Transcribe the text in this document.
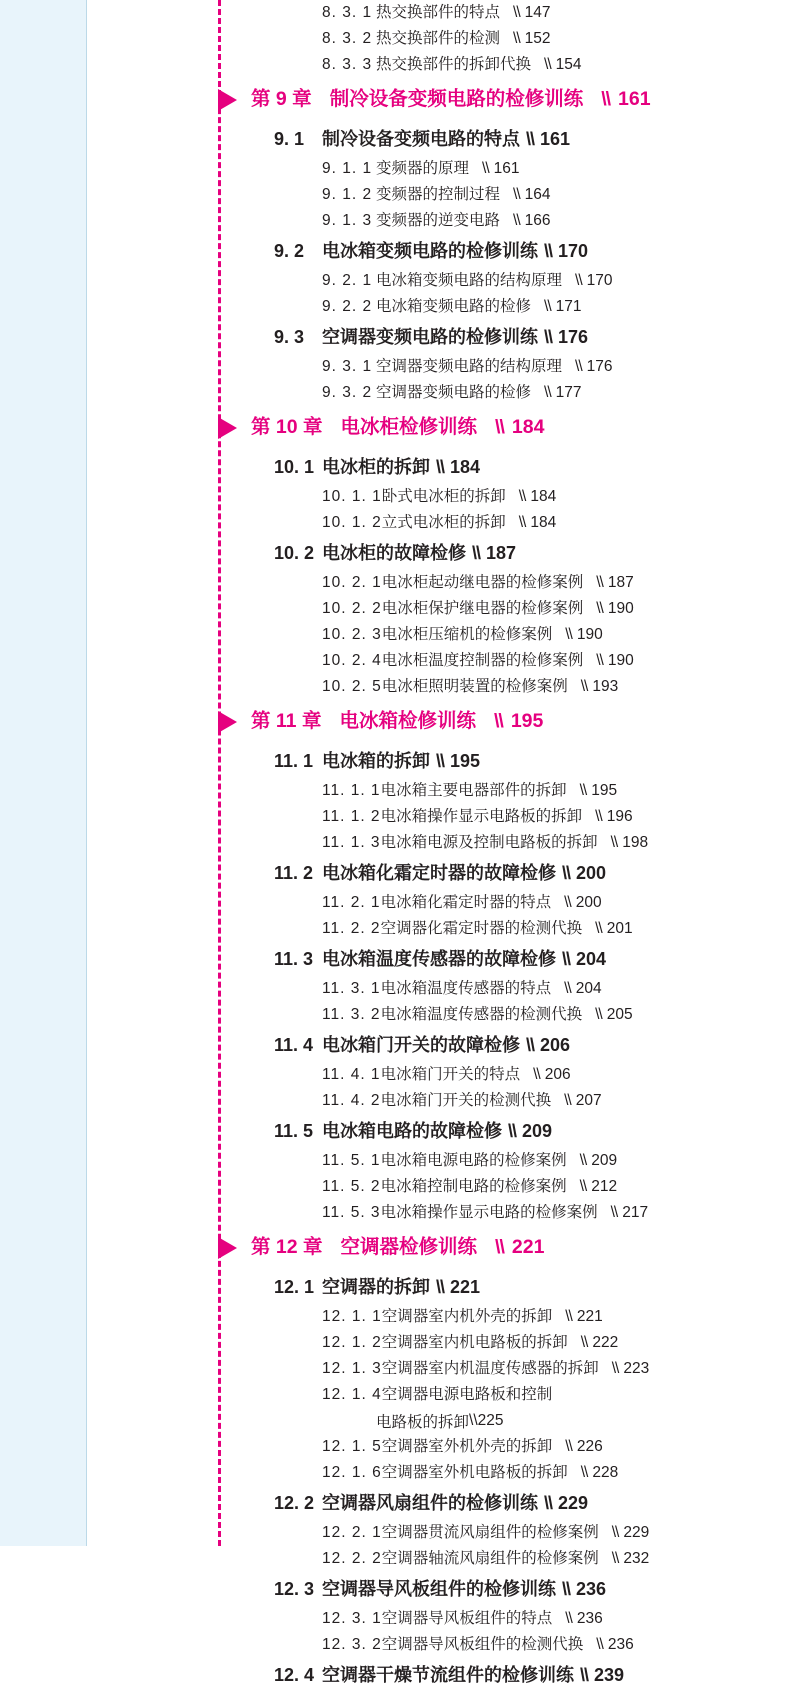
8. 3. 1 热交换部件的特点 \\ 147
8. 3. 2 热交换部件的检测 \\ 152
8. 3. 3 热交换部件的拆卸代换 \\ 154
第 9 章 制冷设备变频电路的检修训练 \\ 161
9. 1 制冷设备变频电路的特点 \\ 161
9. 1. 1 变频器的原理 \\ 161
9. 1. 2 变频器的控制过程 \\ 164
9. 1. 3 变频器的逆变电路 \\ 166
9. 2 电冰箱变频电路的检修训练 \\ 170
9. 2. 1 电冰箱变频电路的结构原理 \\ 170
9. 2. 2 电冰箱变频电路的检修 \\ 171
9. 3 空调器变频电路的检修训练 \\ 176
9. 3. 1 空调器变频电路的结构原理 \\ 176
9. 3. 2 空调器变频电路的检修 \\ 177
第 10 章 电冰柜检修训练 \\ 184
10. 1 电冰柜的拆卸 \\ 184
10. 1. 1 卧式电冰柜的拆卸 \\ 184
10. 1. 2 立式电冰柜的拆卸 \\ 184
10. 2 电冰柜的故障检修 \\ 187
10. 2. 1 电冰柜起动继电器的检修案例 \\ 187
10. 2. 2 电冰柜保护继电器的检修案例 \\ 190
10. 2. 3 电冰柜压缩机的检修案例 \\ 190
10. 2. 4 电冰柜温度控制器的检修案例 \\ 190
10. 2. 5 电冰柜照明装置的检修案例 \\ 193
第 11 章 电冰箱检修训练 \\ 195
11. 1 电冰箱的拆卸 \\ 195
11. 1. 1 电冰箱主要电器部件的拆卸 \\ 195
11. 1. 2 电冰箱操作显示电路板的拆卸 \\ 196
11. 1. 3 电冰箱电源及控制电路板的拆卸 \\ 198
11. 2 电冰箱化霜定时器的故障检修 \\ 200
11. 2. 1 电冰箱化霜定时器的特点 \\ 200
11. 2. 2 空调器化霜定时器的检测代换 \\ 201
11. 3 电冰箱温度传感器的故障检修 \\ 204
11. 3. 1 电冰箱温度传感器的特点 \\ 204
11. 3. 2 电冰箱温度传感器的检测代换 \\ 205
11. 4 电冰箱门开关的故障检修 \\ 206
11. 4. 1 电冰箱门开关的特点 \\ 206
11. 4. 2 电冰箱门开关的检测代换 \\ 207
11. 5 电冰箱电路的故障检修 \\ 209
11. 5. 1 电冰箱电源电路的检修案例 \\ 209
11. 5. 2 电冰箱控制电路的检修案例 \\ 212
11. 5. 3 电冰箱操作显示电路的检修案例 \\ 217
第 12 章 空调器检修训练 \\ 221
12. 1 空调器的拆卸 \\ 221
12. 1. 1 空调器室内机外壳的拆卸 \\ 221
12. 1. 2 空调器室内机电路板的拆卸 \\ 222
12. 1. 3 空调器室内机温度传感器的拆卸 \\ 223
12. 1. 4 空调器电源电路板和控制
电路板的拆卸 \\ 225
12. 1. 5 空调器室外机外壳的拆卸 \\ 226
12. 1. 6 空调器室外机电路板的拆卸 \\ 228
12. 2 空调器风扇组件的检修训练 \\ 229
12. 2. 1 空调器贯流风扇组件的检修案例 \\ 229
12. 2. 2 空调器轴流风扇组件的检修案例 \\ 232
12. 3 空调器导风板组件的检修训练 \\ 236
12. 3. 1 空调器导风板组件的特点 \\ 236
12. 3. 2 空调器导风板组件的检测代换 \\ 236
12. 4 空调器干燥节流组件的检修训练 \\ 239
